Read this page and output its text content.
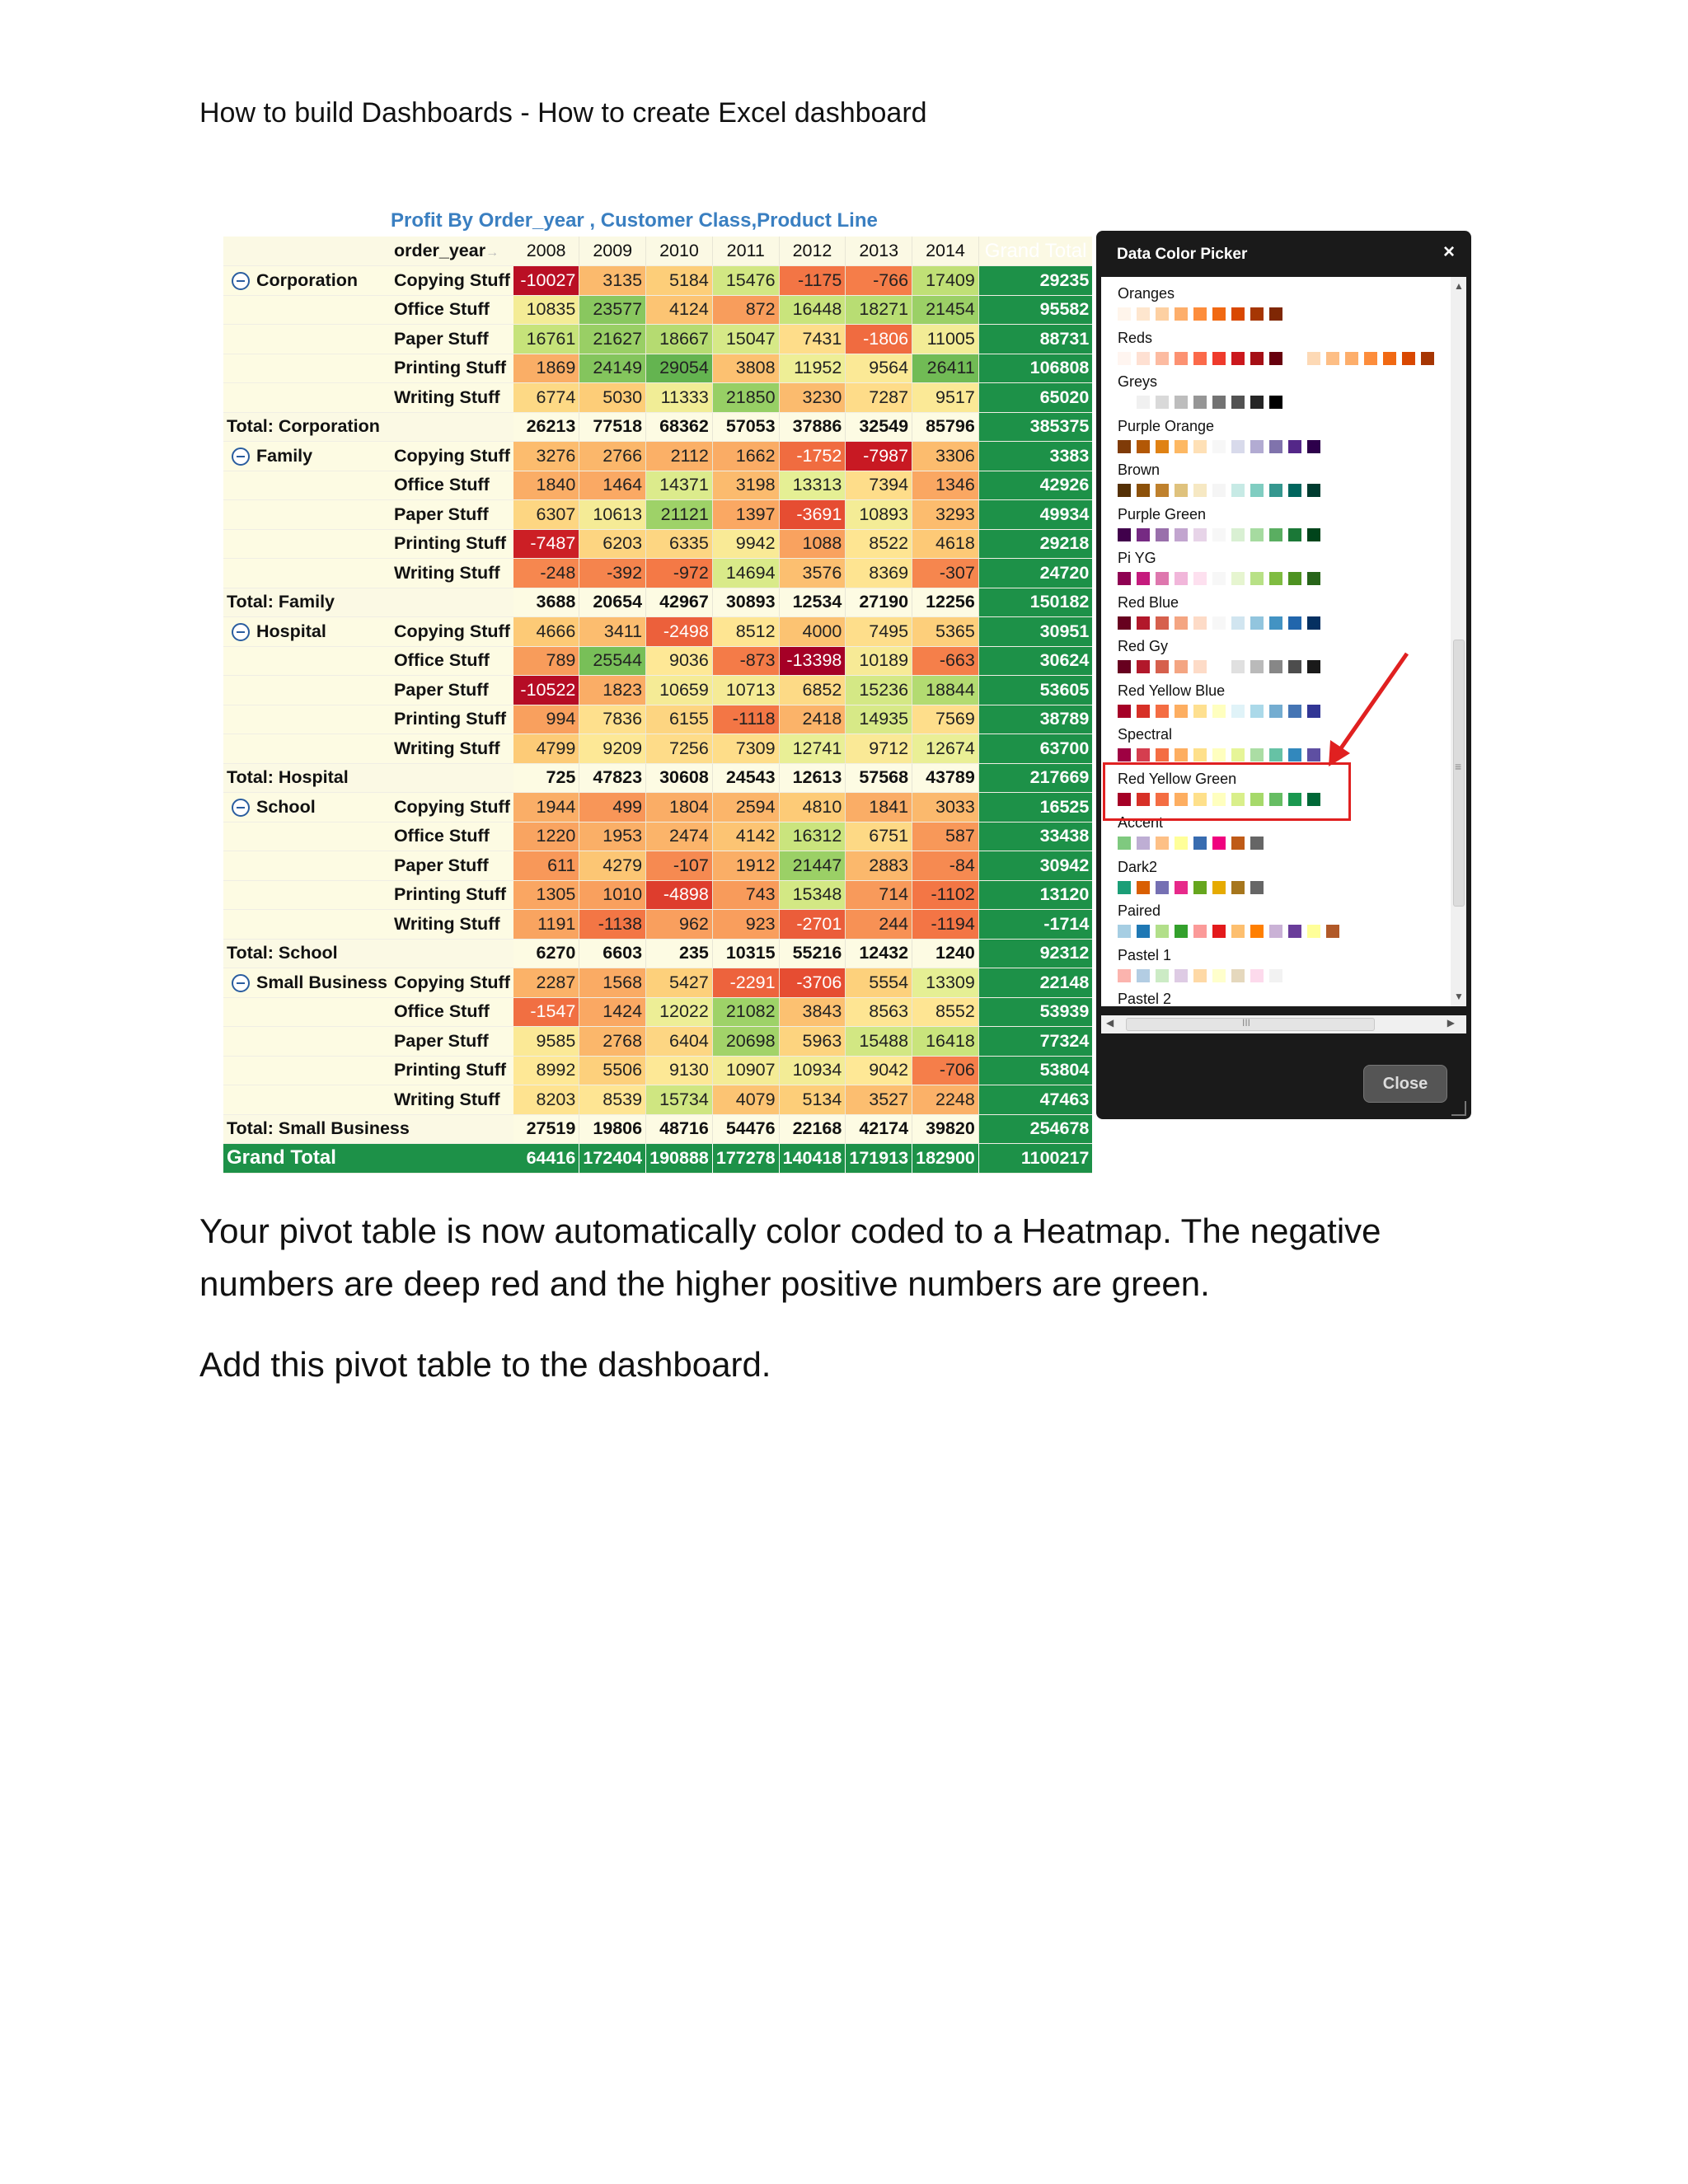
How to build Dashboards - How to create Excel dashboard
Profit By Order_year , Customer Class,Product Line
	order_year→	2008	2009	2010	2011	2012	2013	2014	Grand Total
Corporation	Copying Stuff	-10027	3135	5184	15476	-1175	-766	17409	29235
	Office Stuff	10835	23577	4124	872	16448	18271	21454	95582
	Paper Stuff	16761	21627	18667	15047	7431	-1806	11005	88731
	Printing Stuff	1869	24149	29054	3808	11952	9564	26411	106808
	Writing Stuff	6774	5030	11333	21850	3230	7287	9517	65020
Total: Corporation		26213	77518	68362	57053	37886	32549	85796	385375
Family	Copying Stuff	3276	2766	2112	1662	-1752	-7987	3306	3383
	Office Stuff	1840	1464	14371	3198	13313	7394	1346	42926
	Paper Stuff	6307	10613	21121	1397	-3691	10893	3293	49934
	Printing Stuff	-7487	6203	6335	9942	1088	8522	4618	29218
	Writing Stuff	-248	-392	-972	14694	3576	8369	-307	24720
Total: Family		3688	20654	42967	30893	12534	27190	12256	150182
Hospital	Copying Stuff	4666	3411	-2498	8512	4000	7495	5365	30951
	Office Stuff	789	25544	9036	-873	-13398	10189	-663	30624
	Paper Stuff	-10522	1823	10659	10713	6852	15236	18844	53605
	Printing Stuff	994	7836	6155	-1118	2418	14935	7569	38789
	Writing Stuff	4799	9209	7256	7309	12741	9712	12674	63700
Total: Hospital		725	47823	30608	24543	12613	57568	43789	217669
School	Copying Stuff	1944	499	1804	2594	4810	1841	3033	16525
	Office Stuff	1220	1953	2474	4142	16312	6751	587	33438
	Paper Stuff	611	4279	-107	1912	21447	2883	-84	30942
	Printing Stuff	1305	1010	-4898	743	15348	714	-1102	13120
	Writing Stuff	1191	-1138	962	923	-2701	244	-1194	-1714
Total: School		6270	6603	235	10315	55216	12432	1240	92312
Small Business	Copying Stuff	2287	1568	5427	-2291	-3706	5554	13309	22148
	Office Stuff	-1547	1424	12022	21082	3843	8563	8552	53939
	Paper Stuff	9585	2768	6404	20698	5963	15488	16418	77324
	Printing Stuff	8992	5506	9130	10907	10934	9042	-706	53804
	Writing Stuff	8203	8539	15734	4079	5134	3527	2248	47463
Total: Small Business		27519	19806	48716	54476	22168	42174	39820	254678
Grand Total		64416	172404	190888	177278	140418	171913	182900	1100217
Data Color Picker	×
Oranges
Reds
Greys
Purple Orange
Brown
Purple Green
Pi YG
Red Blue
Red Gy
Red Yellow Blue
Spectral
Red Yellow Green
Accent
Dark2
Paired
Pastel 1
Pastel 2
▲
≡
▼
◀	III	▶
Close
Your pivot table is now automatically color coded to a Heatmap. The negative numbers are deep red and the higher positive numbers are green.
Add this pivot table to the dashboard.
